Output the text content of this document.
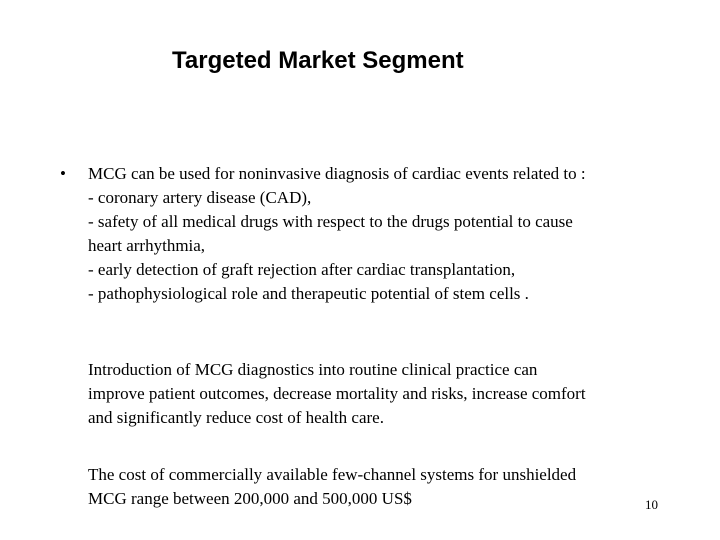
Targeted Market Segment
• MCG can be used for noninvasive diagnosis of cardiac events related to :
- coronary artery disease (CAD),
- safety of all medical drugs with respect to the drugs potential to cause
heart arrhythmia,
- early detection of graft rejection after cardiac transplantation,
- pathophysiological role and therapeutic potential of stem cells .
Introduction of MCG diagnostics into routine clinical practice can
improve patient outcomes, decrease mortality and risks, increase comfort
and significantly reduce cost of health care.
The cost of commercially available few-channel systems for unshielded
MCG range between 200,000 and 500,000 US$	10
